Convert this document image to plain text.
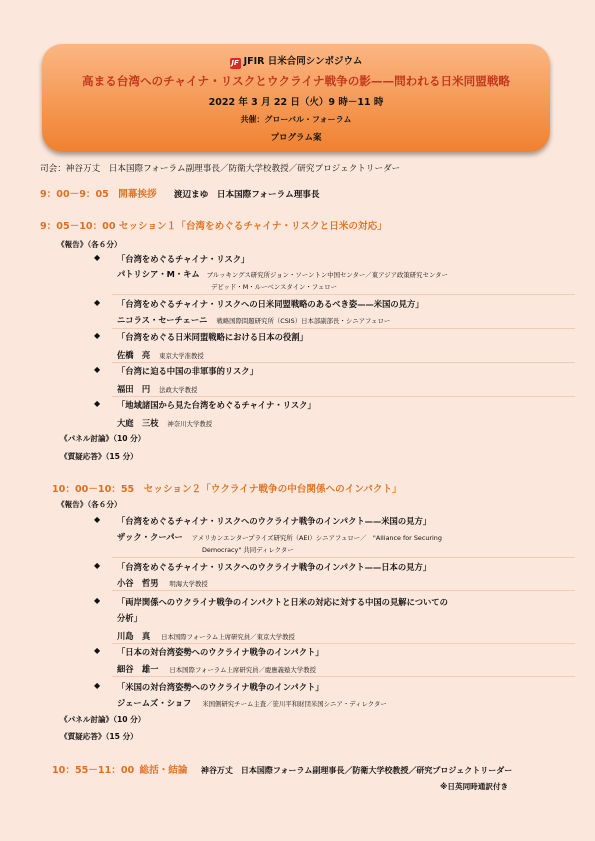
JF JFIR 日米合同シンポジウム
高まる台湾へのチャイナ・リスクとウクライナ戦争の影——問われる日米同盟戦略
2022 年 3 月 22 日（火）9 時－11 時
共催：グローバル・フォーラム
プログラム案
司会：神谷万丈　日本国際フォーラム副理事長／防衛大学校教授／研究プロジェクトリーダー
9：00－9：05 開幕挨拶 渡辺まゆ　日本国際フォーラム理事長
9：05－10：00 セッション１「台湾をめぐるチャイナ・リスクと日米の対応」
《報告》（各６分）
◆ 「台湾をめぐるチャイナ・リスク」
パトリシア・M・キム ブルッキングス研究所ジョン・ソーントン中国センター／東アジア政策研究センター
デビッド・M・ルーベンスタイン・フェロー
◆ 「台湾をめぐるチャイナ・リスクへの日米同盟戦略のあるべき姿——米国の見方」
ニコラス・セーチェーニ 戦略国際問題研究所（CSIS）日本部副部長・シニアフェロー
◆ 「台湾をめぐる日米同盟戦略における日本の役割」
佐橋　亮 東京大学准教授
◆ 「台湾に迫る中国の非軍事的リスク」
福田　円 法政大学教授
◆ 「地域諸国から見た台湾をめぐるチャイナ・リスク」
大庭　三枝 神奈川大学教授
《パネル討論》（10 分）
《質疑応答》（15 分）
10：00－10：55　セッション２「ウクライナ戦争の中台関係へのインパクト」
《報告》（各６分）
◆ 「台湾をめぐるチャイナ・リスクへのウクライナ戦争のインパクト——米国の見方」
ザック・クーパー アメリカンエンタープライズ研究所（AEI）シニアフェロー／　"Alliance for Securing
Democracy" 共同ディレクター
◆ 「台湾をめぐるチャイナ・リスクへのウクライナ戦争のインパクト——日本の見方」
小谷　哲男 明海大学教授
◆ 「両岸関係へのウクライナ戦争のインパクトと日米の対応に対する中国の見解についての
分析」
川島　真 日本国際フォーラム上席研究員／東京大学教授
◆ 「日本の対台湾姿勢へのウクライナ戦争のインパクト」
細谷　雄一 日本国際フォーラム上席研究員／慶應義塾大学教授
◆ 「米国の対台湾姿勢へのウクライナ戦争のインパクト」
ジェームズ・ショフ 米国側研究チーム主査／笹川平和財団米国シニア・ディレクター
《パネル討論》（10 分）
《質疑応答》（15 分）
10：55－11：00 総括・結論 神谷万丈　日本国際フォーラム副理事長／防衛大学校教授／研究プロジェクトリーダー
※日英同時通訳付き
